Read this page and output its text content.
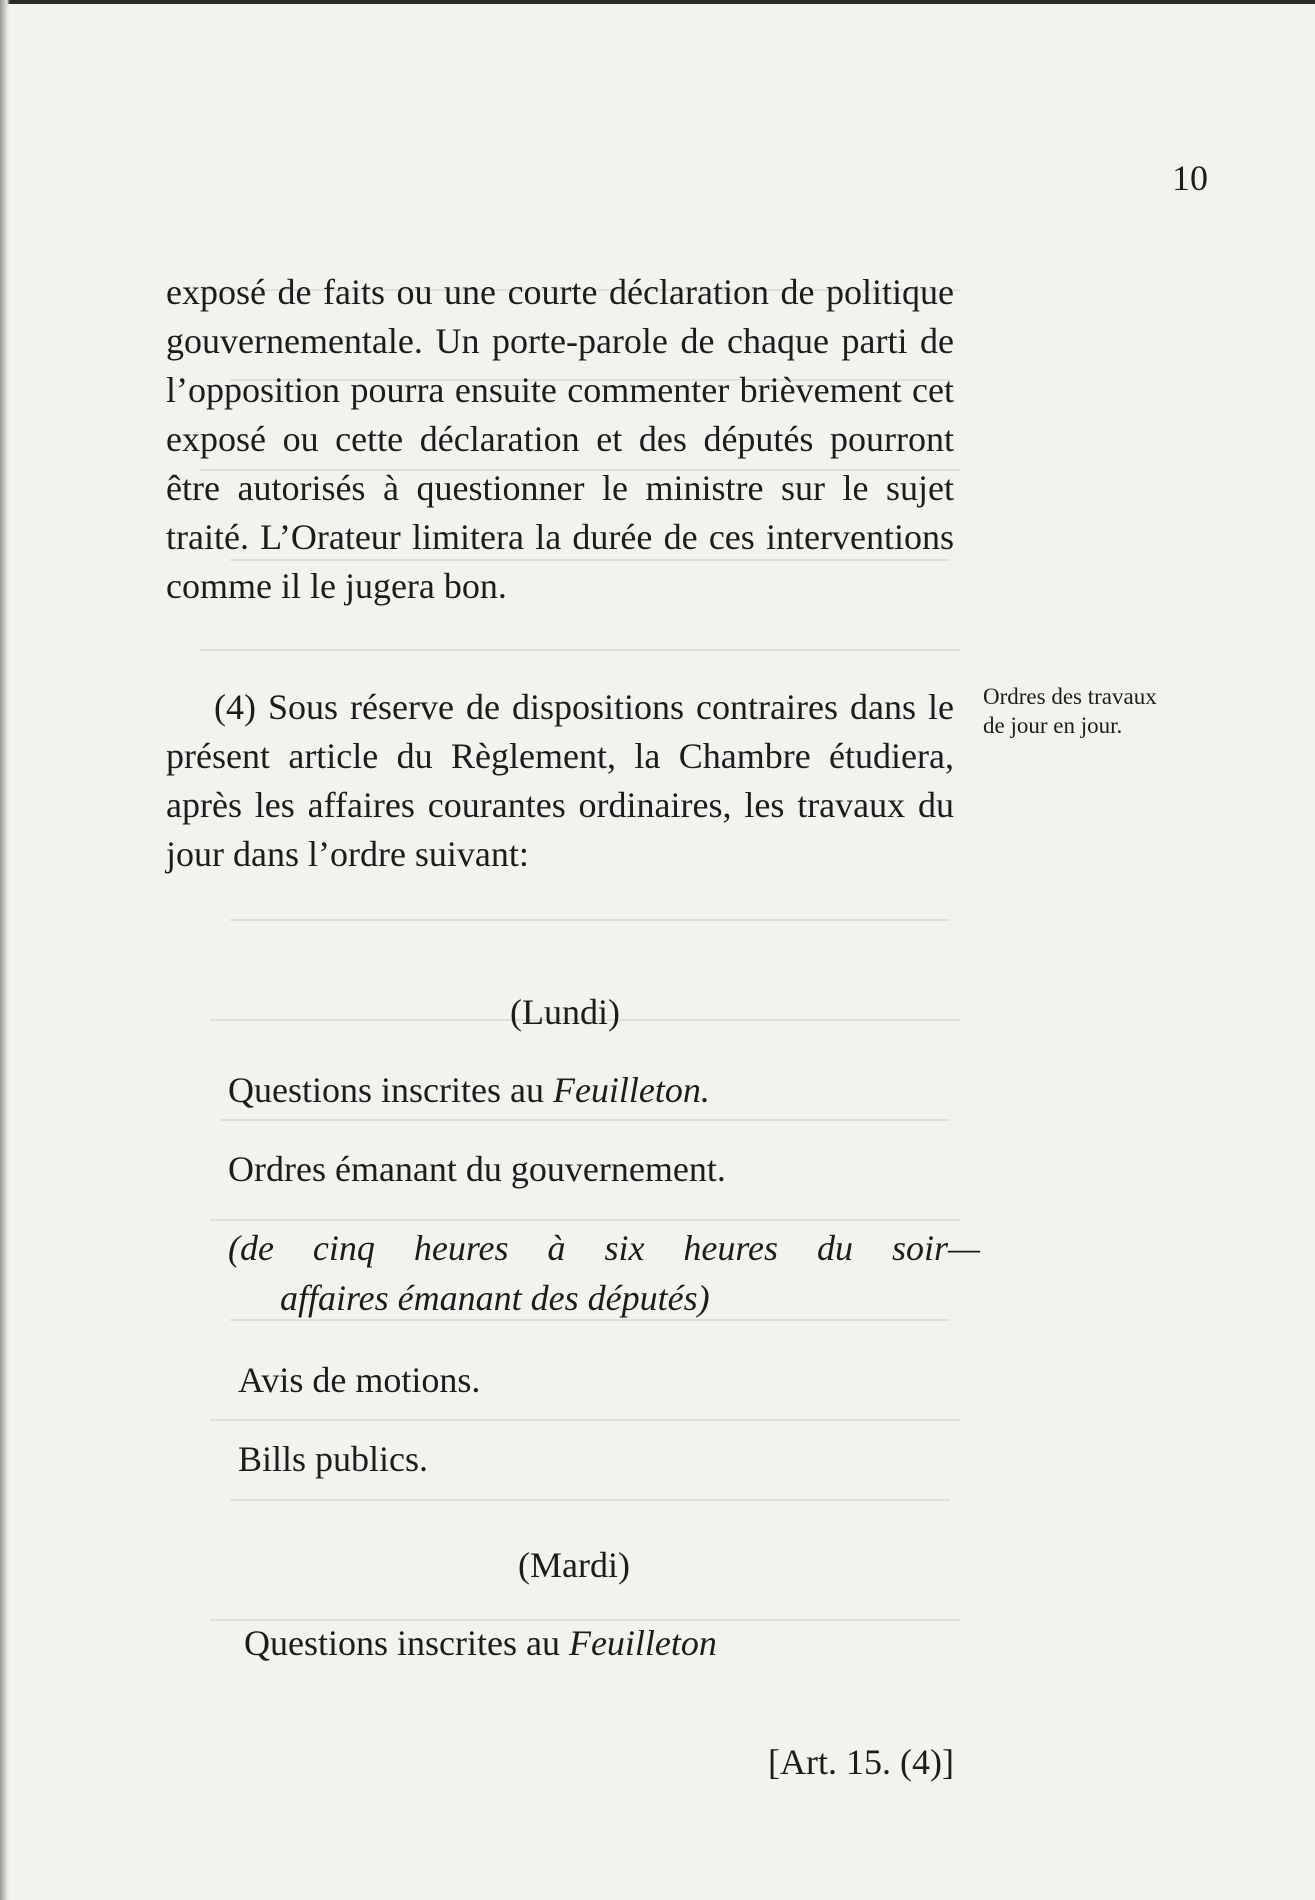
10

exposé de faits ou une courte déclaration de politique gouvernementale. Un porte-parole de chaque parti de l’opposition pourra ensuite commenter brièvement cet exposé ou cette déclaration et des députés pourront être autorisés à questionner le ministre sur le sujet traité. L’Orateur limitera la durée de ces interventions comme il le jugera bon.

(4) Sous réserve de dispositions contraires dans le présent article du Règlement, la Chambre étudiera, après les affaires courantes ordinaires, les travaux du jour dans l’ordre suivant:

Ordres des travaux de jour en jour.

(Lundi)
Questions inscrites au Feuilleton.
Ordres émanant du gouvernement.
(de cinq heures à six heures du soir—
affaires émanant des députés)
Avis de motions.
Bills publics.
(Mardi)
Questions inscrites au Feuilleton
[Art. 15. (4)]
